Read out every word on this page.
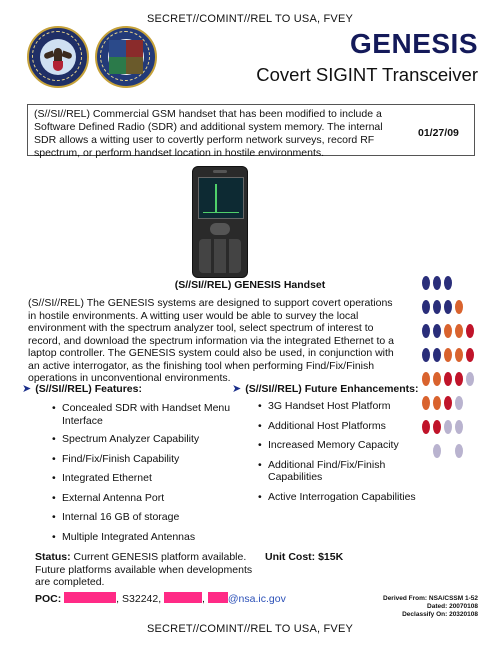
SECRET//COMINT//REL TO USA, FVEY
GENESIS
Covert SIGINT Transceiver
(S//SI//REL) Commercial GSM handset that has been modified to include a Software Defined Radio (SDR) and additional system memory. The internal SDR allows a witting user to covertly perform network surveys, record RF spectrum, or perform handset location in hostile environments.
01/27/09
(S//SI//REL) GENESIS Handset
(S//SI//REL) The GENESIS systems are designed to support covert operations in hostile environments. A witting user would be able to survey the local environment with the spectrum analyzer tool, select spectrum of interest to record, and download the spectrum information via the integrated Ethernet to a laptop controller. The GENESIS system could also be used, in conjunction with an active interrogator, as the finishing tool when performing Find/Fix/Finish operations in unconventional environments.
➤ (S//SI//REL) Features:
• Concealed SDR with Handset Menu Interface
• Spectrum Analyzer Capability
• Find/Fix/Finish Capability
• Integrated Ethernet
• External Antenna Port
• Internal 16 GB of storage
• Multiple Integrated Antennas
➤ (S//SI//REL) Future Enhancements:
• 3G Handset Host Platform
• Additional Host Platforms
• Increased Memory Capacity
• Additional Find/Fix/Finish Capabilities
• Active Interrogation Capabilities
Status: Current GENESIS platform available. Future platforms available when developments are completed.
Unit Cost: $15K
POC:	, S32242,	, @nsa.ic.gov	Derived From: NSA/CSSM 1-52
Dated: 20070108
Declassify On: 20320108
SECRET//COMINT//REL TO USA, FVEY
